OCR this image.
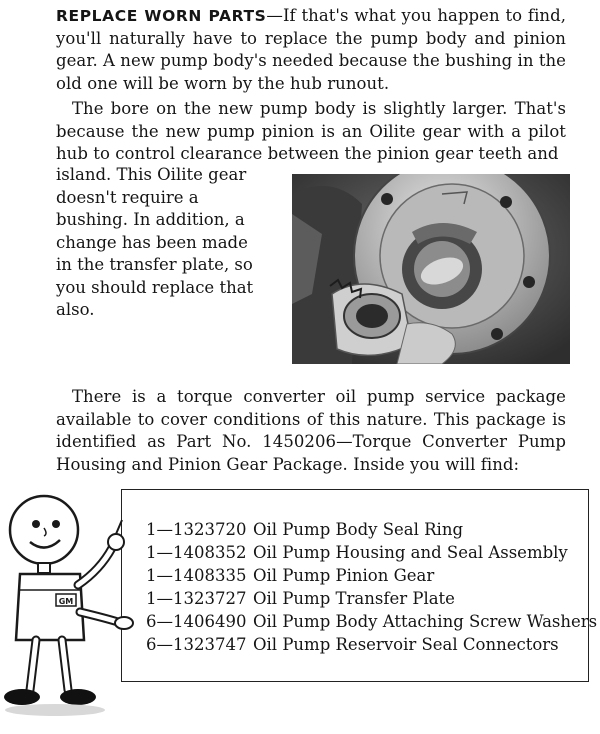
REPLACE WORN PARTS—If that's what you happen to find, you'll naturally have to replace the pump body and pinion gear. A new pump body's needed because the bushing in the old one will be worn by the hub runout.

The bore on the new pump body is slightly larger. That's because the new pump pinion is an Oilite gear with a pilot hub to control clearance between the pinion gear teeth and

island. This Oilite gear doesn't require a bushing. In addition, a change has been made in the transfer plate, so you should replace that also.

There is a torque converter oil pump service package available to cover conditions of this nature. This package is identified as Part No. 1450206—Torque Converter Pump Housing and Pinion Gear Package. Inside you will find:

1—1323720 Oil Pump Body Seal Ring
1—1408352 Oil Pump Housing and Seal Assembly
1—1408335 Oil Pump Pinion Gear
1—1323727 Oil Pump Transfer Plate
6—1406490 Oil Pump Body Attaching Screw Washers
6—1323747 Oil Pump Reservoir Seal Connectors
GM
